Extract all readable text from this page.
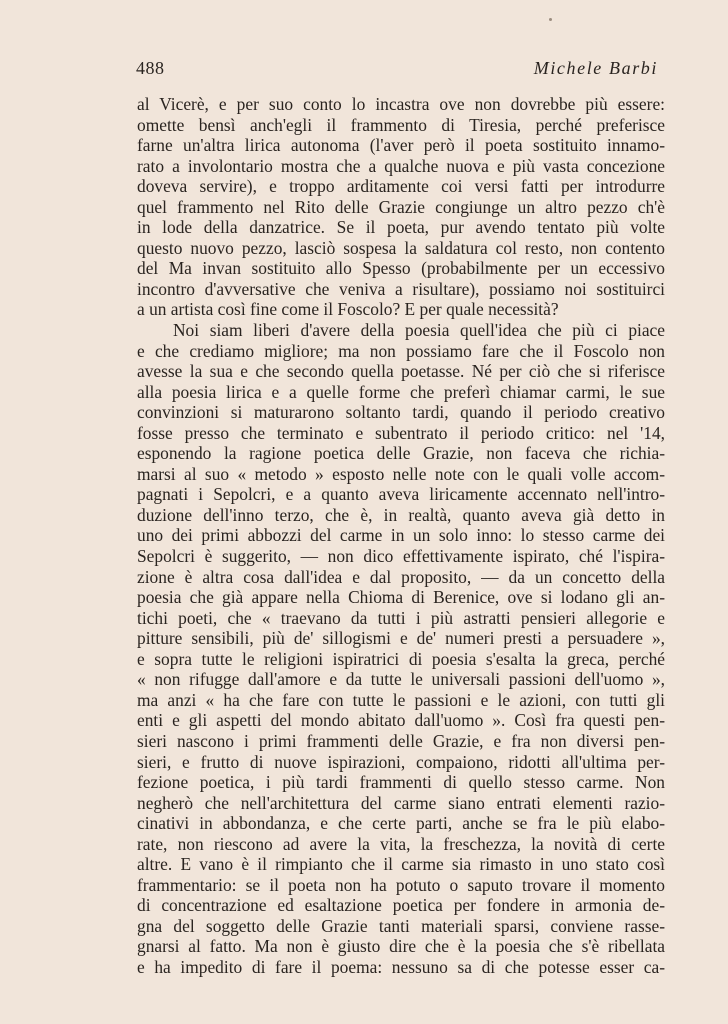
488	Michele Barbi
al Vicerè, e per suo conto lo incastra ove non dovrebbe più essere:
omette bensì anch'egli il frammento di Tiresia, perché preferisce
farne un'altra lirica autonoma (l'aver però il poeta sostituito innamo-
rato a involontario mostra che a qualche nuova e più vasta concezione
doveva servire), e troppo arditamente coi versi fatti per introdurre
quel frammento nel Rito delle Grazie congiunge un altro pezzo ch'è
in lode della danzatrice. Se il poeta, pur avendo tentato più volte
questo nuovo pezzo, lasciò sospesa la saldatura col resto, non contento
del Ma invan sostituito allo Spesso (probabilmente per un eccessivo
incontro d'avversative che veniva a risultare), possiamo noi sostituirci
a un artista così fine come il Foscolo? E per quale necessità?
Noi siam liberi d'avere della poesia quell'idea che più ci piace
e che crediamo migliore; ma non possiamo fare che il Foscolo non
avesse la sua e che secondo quella poetasse. Né per ciò che si riferisce
alla poesia lirica e a quelle forme che preferì chiamar carmi, le sue
convinzioni si maturarono soltanto tardi, quando il periodo creativo
fosse presso che terminato e subentrato il periodo critico: nel '14,
esponendo la ragione poetica delle Grazie, non faceva che richia-
marsi al suo « metodo » esposto nelle note con le quali volle accom-
pagnati i Sepolcri, e a quanto aveva liricamente accennato nell'intro-
duzione dell'inno terzo, che è, in realtà, quanto aveva già detto in
uno dei primi abbozzi del carme in un solo inno: lo stesso carme dei
Sepolcri è suggerito, — non dico effettivamente ispirato, ché l'ispira-
zione è altra cosa dall'idea e dal proposito, — da un concetto della
poesia che già appare nella Chioma di Berenice, ove si lodano gli an-
tichi poeti, che « traevano da tutti i più astratti pensieri allegorie e
pitture sensibili, più de' sillogismi e de' numeri presti a persuadere »,
e sopra tutte le religioni ispiratrici di poesia s'esalta la greca, perché
« non rifugge dall'amore e da tutte le universali passioni dell'uomo »,
ma anzi « ha che fare con tutte le passioni e le azioni, con tutti gli
enti e gli aspetti del mondo abitato dall'uomo ». Così fra questi pen-
sieri nascono i primi frammenti delle Grazie, e fra non diversi pen-
sieri, e frutto di nuove ispirazioni, compaiono, ridotti all'ultima per-
fezione poetica, i più tardi frammenti di quello stesso carme. Non
negherò che nell'architettura del carme siano entrati elementi razio-
cinativi in abbondanza, e che certe parti, anche se fra le più elabo-
rate, non riescono ad avere la vita, la freschezza, la novità di certe
altre. E vano è il rimpianto che il carme sia rimasto in uno stato così
frammentario: se il poeta non ha potuto o saputo trovare il momento
di concentrazione ed esaltazione poetica per fondere in armonia de-
gna del soggetto delle Grazie tanti materiali sparsi, conviene rasse-
gnarsi al fatto. Ma non è giusto dire che è la poesia che s'è ribellata
e ha impedito di fare il poema: nessuno sa di che potesse esser ca-
